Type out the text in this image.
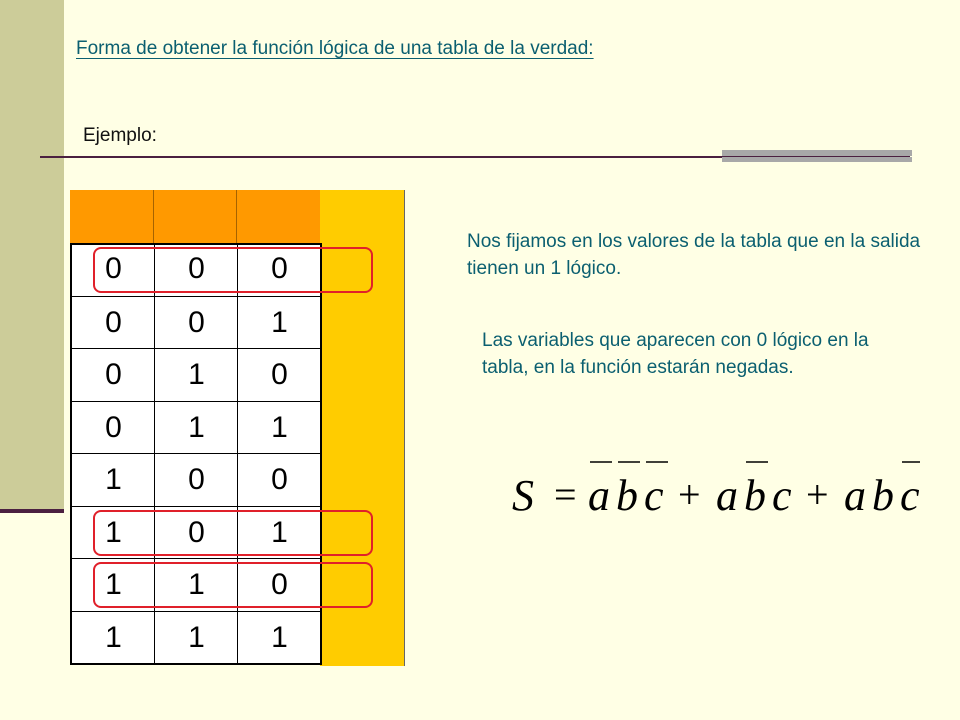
Forma de obtener la función lógica de una tabla de la verdad:
Ejemplo:
0	0	0
0	0	1
0	1	0
0	1	1
1	0	0
1	0	1
1	1	0
1	1	1
Nos fijamos en los valores de la tabla que en la salida tienen un 1 lógico.
Las variables que aparecen con 0 lógico en la tabla, en la función estarán negadas.
S = a b c + a b c + a b c
